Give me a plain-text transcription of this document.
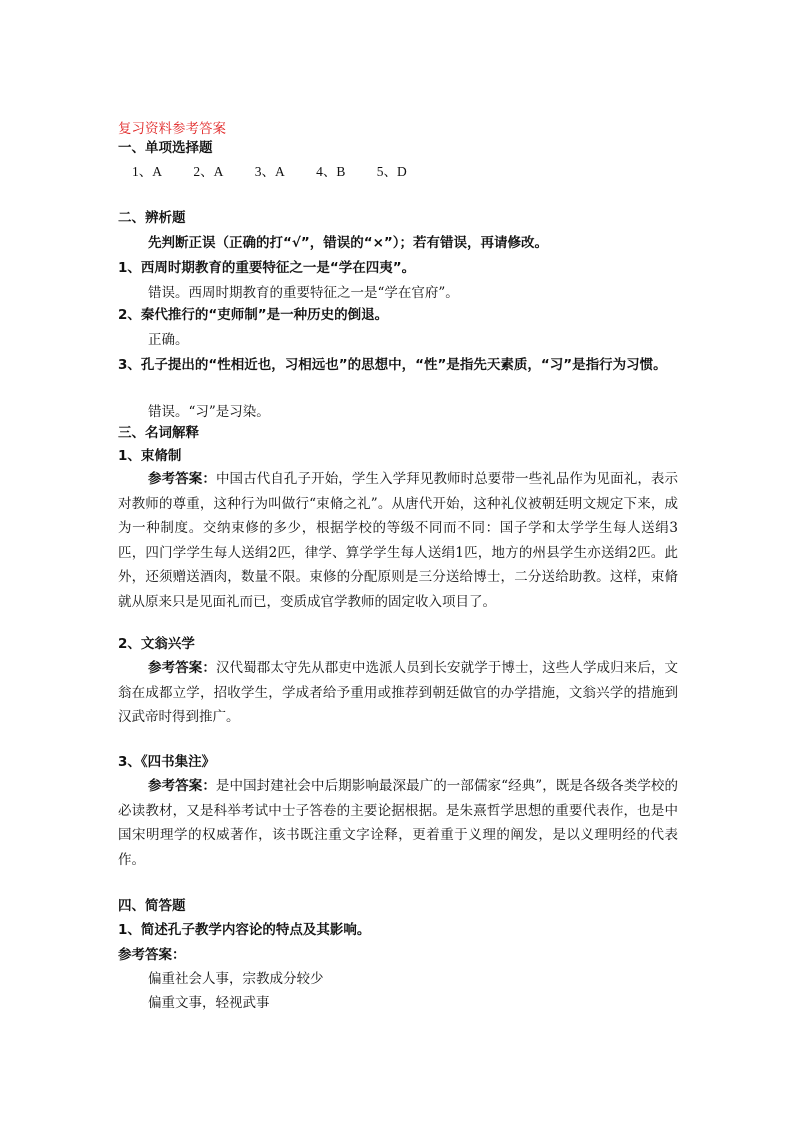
复习资料参考答案
一、单项选择题
1、A 2、A 3、A 4、B 5、D
二、辨析题
先判断正误（正确的打“√”，错误的“×”）；若有错误，再请修改。
1、西周时期教育的重要特征之一是“学在四夷”。
错误。西周时期教育的重要特征之一是“学在官府”。
2、秦代推行的“吏师制”是一种历史的倒退。
正确。
3、孔子提出的“性相近也，习相远也”的思想中，“性”是指先天素质，“习”是指行为习惯。
错误。“习”是习染。
三、名词解释
1、束脩制
参考答案：中国古代自孔子开始，学生入学拜见教师时总要带一些礼品作为见面礼，表示对教师的尊重，这种行为叫做行“束脩之礼”。从唐代开始，这种礼仪被朝廷明文规定下来，成为一种制度。交纳束修的多少，根据学校的等级不同而不同：国子学和太学学生每人送绢3匹，四门学学生每人送绢2匹，律学、算学学生每人送绢1匹，地方的州县学生亦送绢2匹。此外，还须赠送酒肉，数量不限。束修的分配原则是三分送给博士，二分送给助教。这样，束脩就从原来只是见面礼而已，变质成官学教师的固定收入项目了。
2、文翁兴学
参考答案：汉代蜀郡太守先从郡吏中选派人员到长安就学于博士，这些人学成归来后，文翁在成都立学，招收学生，学成者给予重用或推荐到朝廷做官的办学措施，文翁兴学的措施到汉武帝时得到推广。
3、《四书集注》
参考答案：是中国封建社会中后期影响最深最广的一部儒家“经典”，既是各级各类学校的必读教材，又是科举考试中士子答卷的主要论据根据。是朱熹哲学思想的重要代表作，也是中国宋明理学的权威著作，该书既注重文字诠释，更着重于义理的阐发，是以义理明经的代表作。
四、简答题
1、简述孔子教学内容论的特点及其影响。
参考答案：
偏重社会人事，宗教成分较少
偏重文事，轻视武事
